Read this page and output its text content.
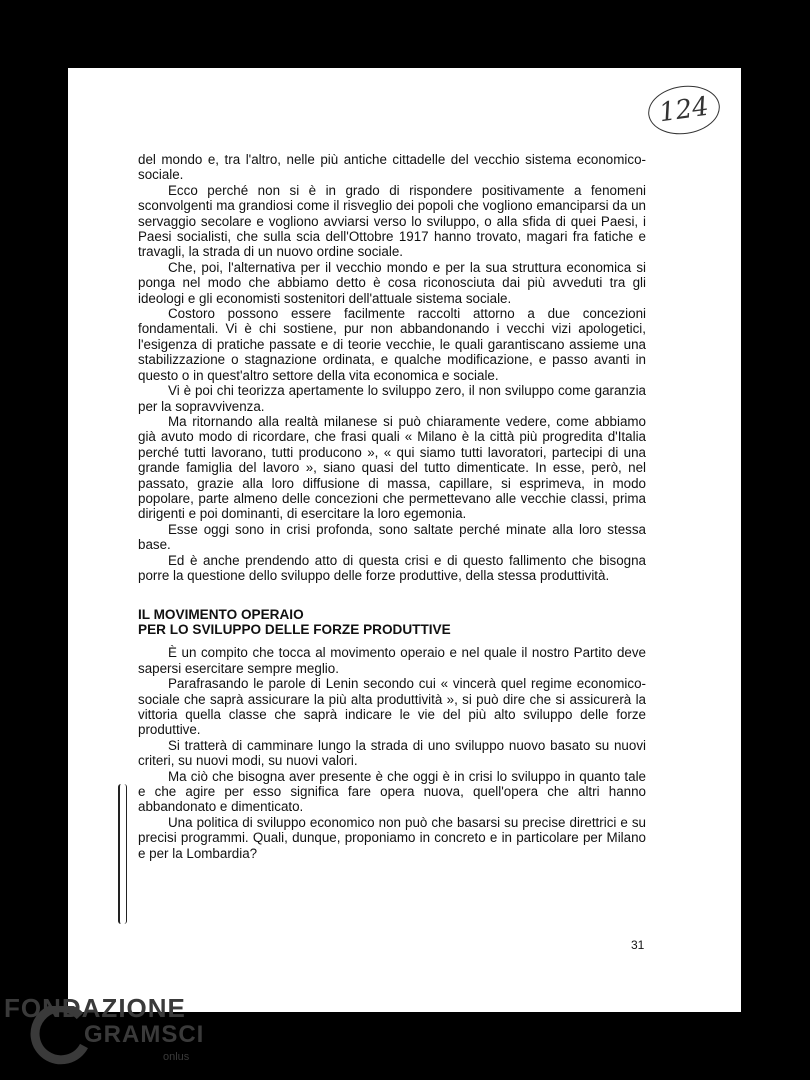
124

del mondo e, tra l'altro, nelle più antiche cittadelle del vecchio sistema economico-sociale.

Ecco perché non si è in grado di rispondere positivamente a fenomeni sconvolgenti ma grandiosi come il risveglio dei popoli che vogliono emanciparsi da un servaggio secolare e vogliono avviarsi verso lo sviluppo, o alla sfida di quei Paesi, i Paesi socialisti, che sulla scia dell'Ottobre 1917 hanno trovato, magari fra fatiche e travagli, la strada di un nuovo ordine sociale.

Che, poi, l'alternativa per il vecchio mondo e per la sua struttura economica si ponga nel modo che abbiamo detto è cosa riconosciuta dai più avveduti tra gli ideologi e gli economisti sostenitori dell'attuale sistema sociale.

Costoro possono essere facilmente raccolti attorno a due concezioni fondamentali. Vi è chi sostiene, pur non abbandonando i vecchi vizi apologetici, l'esigenza di pratiche passate e di teorie vecchie, le quali garantiscano assieme una stabilizzazione o stagnazione ordinata, e qualche modificazione, e passo avanti in questo o in quest'altro settore della vita economica e sociale.

Vi è poi chi teorizza apertamente lo sviluppo zero, il non sviluppo come garanzia per la sopravvivenza.

Ma ritornando alla realtà milanese si può chiaramente vedere, come abbiamo già avuto modo di ricordare, che frasi quali « Milano è la città più progredita d'Italia perché tutti lavorano, tutti producono », « qui siamo tutti lavoratori, partecipi di una grande famiglia del lavoro », siano quasi del tutto dimenticate. In esse, però, nel passato, grazie alla loro diffusione di massa, capillare, si esprimeva, in modo popolare, parte almeno delle concezioni che permettevano alle vecchie classi, prima dirigenti e poi dominanti, di esercitare la loro egemonia.

Esse oggi sono in crisi profonda, sono saltate perché minate alla loro stessa base.

Ed è anche prendendo atto di questa crisi e di questo fallimento che bisogna porre la questione dello sviluppo delle forze produttive, della stessa produttività.

IL MOVIMENTO OPERAIO
PER LO SVILUPPO DELLE FORZE PRODUTTIVE

È un compito che tocca al movimento operaio e nel quale il nostro Partito deve sapersi esercitare sempre meglio.

Parafrasando le parole di Lenin secondo cui « vincerà quel regime economico-sociale che saprà assicurare la più alta produttività », si può dire che si assicurerà la vittoria quella classe che saprà indicare le vie del più alto sviluppo delle forze produttive.

Si tratterà di camminare lungo la strada di uno sviluppo nuovo basato su nuovi criteri, su nuovi modi, su nuovi valori.

Ma ciò che bisogna aver presente è che oggi è in crisi lo sviluppo in quanto tale e che agire per esso significa fare opera nuova, quell'opera che altri hanno abbandonato e dimenticato.

Una politica di sviluppo economico non può che basarsi su precise direttrici e su precisi programmi. Quali, dunque, proponiamo in concreto e in particolare per Milano e per la Lombardia?

31
FONDAZIONE
GRAMSCI
onlus
